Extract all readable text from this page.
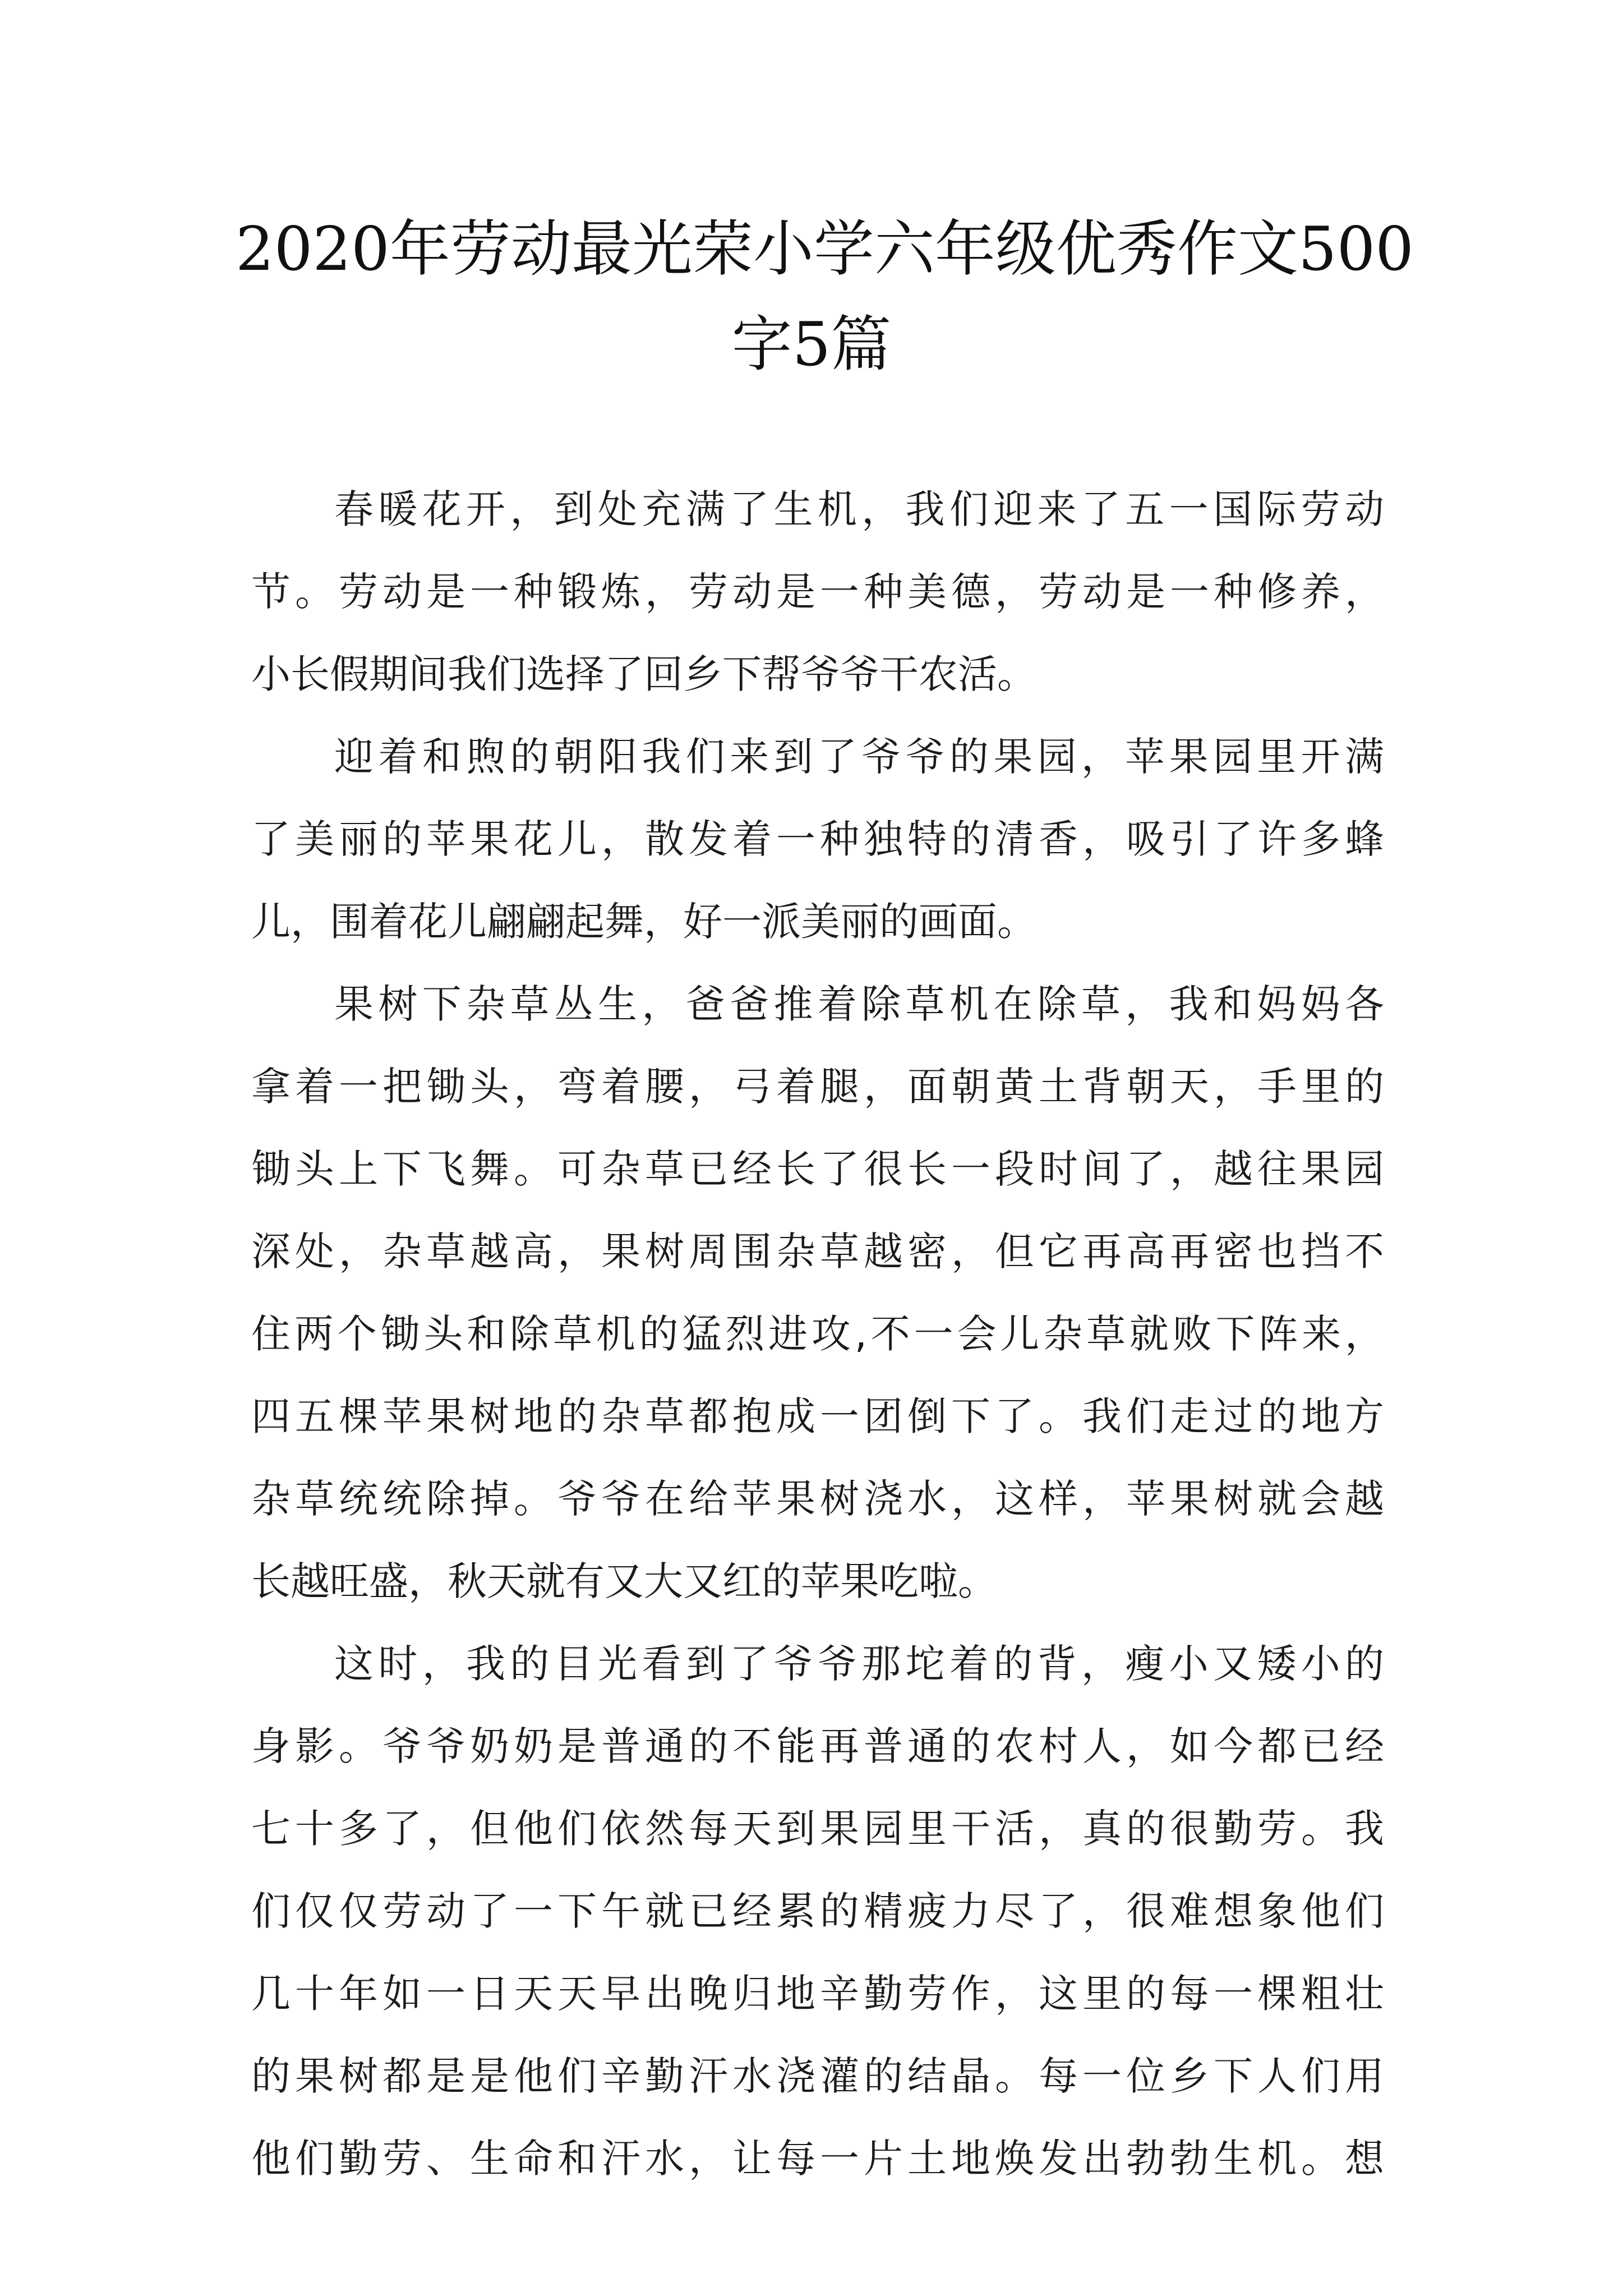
2020年劳动最光荣小学六年级优秀作文500
字5篇

春暖花开，到处充满了生机，我们迎来了五一国际劳动
节。劳动是一种锻炼，劳动是一种美德，劳动是一种修养，
小长假期间我们选择了回乡下帮爷爷干农活。

迎着和煦的朝阳我们来到了爷爷的果园，苹果园里开满
了美丽的苹果花儿，散发着一种独特的清香，吸引了许多蜂
儿，围着花儿翩翩起舞，好一派美丽的画面。

果树下杂草丛生，爸爸推着除草机在除草，我和妈妈各
拿着一把锄头，弯着腰，弓着腿，面朝黄土背朝天，手里的
锄头上下飞舞。可杂草已经长了很长一段时间了，越往果园
深处，杂草越高，果树周围杂草越密，但它再高再密也挡不
住两个锄头和除草机的猛烈进攻,不一会儿杂草就败下阵来，
四五棵苹果树地的杂草都抱成一团倒下了。我们走过的地方
杂草统统除掉。爷爷在给苹果树浇水，这样，苹果树就会越
长越旺盛，秋天就有又大又红的苹果吃啦。

这时，我的目光看到了爷爷那坨着的背，瘦小又矮小的
身影。爷爷奶奶是普通的不能再普通的农村人，如今都已经
七十多了，但他们依然每天到果园里干活，真的很勤劳。我
们仅仅劳动了一下午就已经累的精疲力尽了，很难想象他们
几十年如一日天天早出晚归地辛勤劳作，这里的每一棵粗壮
的果树都是是他们辛勤汗水浇灌的结晶。每一位乡下人们用
他们勤劳、生命和汗水，让每一片土地焕发出勃勃生机。想
